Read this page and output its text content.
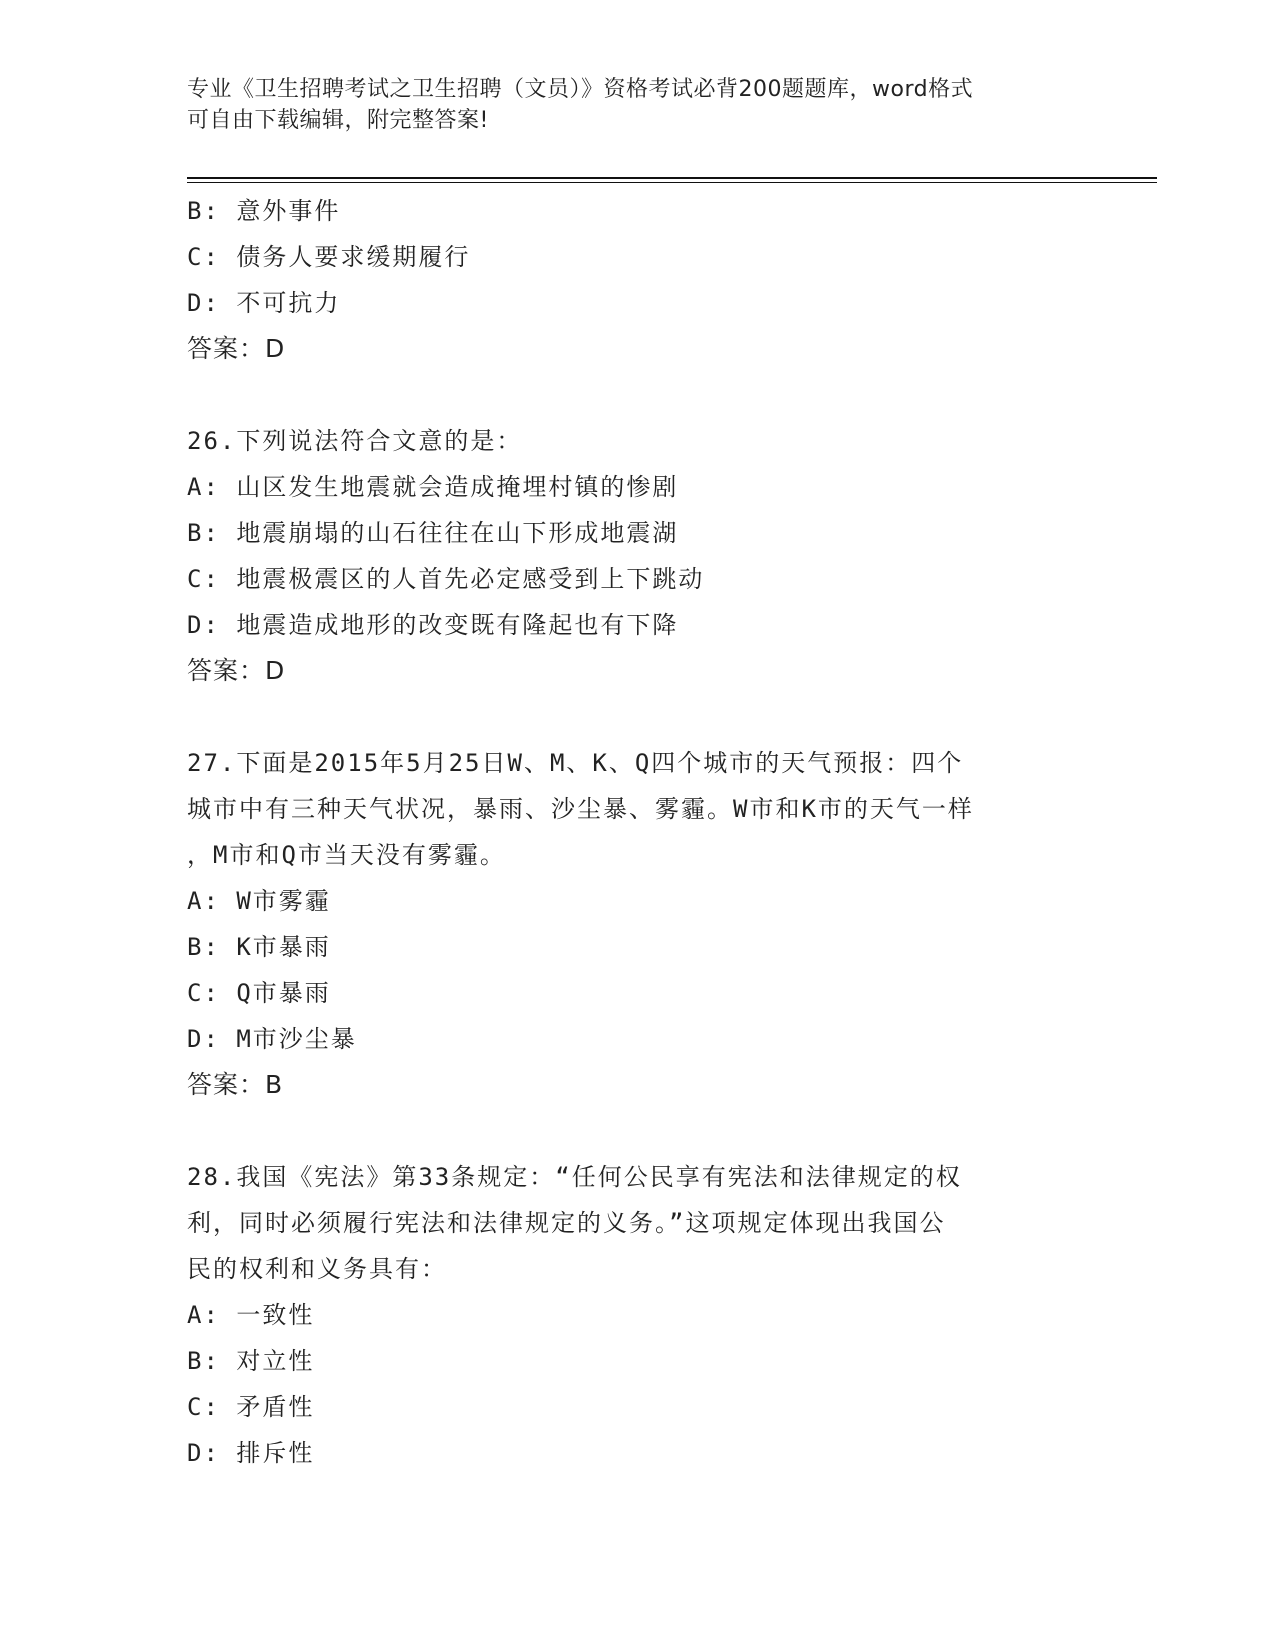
专业《卫生招聘考试之卫生招聘（文员）》资格考试必背200题题库，word格式
可自由下载编辑，附完整答案!
B: 意外事件
C: 债务人要求缓期履行
D: 不可抗力
答案：D
26.下列说法符合文意的是：
A: 山区发生地震就会造成掩埋村镇的惨剧
B: 地震崩塌的山石往往在山下形成地震湖
C: 地震极震区的人首先必定感受到上下跳动
D: 地震造成地形的改变既有隆起也有下降
答案：D
27.下面是2015年5月25日W、M、K、Q四个城市的天气预报：四个
城市中有三种天气状况，暴雨、沙尘暴、雾霾。W市和K市的天气一样
，M市和Q市当天没有雾霾。
A: W市雾霾
B: K市暴雨
C: Q市暴雨
D: M市沙尘暴
答案：B
28.我国《宪法》第33条规定：“任何公民享有宪法和法律规定的权
利，同时必须履行宪法和法律规定的义务。”这项规定体现出我国公
民的权利和义务具有：
A: 一致性
B: 对立性
C: 矛盾性
D: 排斥性
